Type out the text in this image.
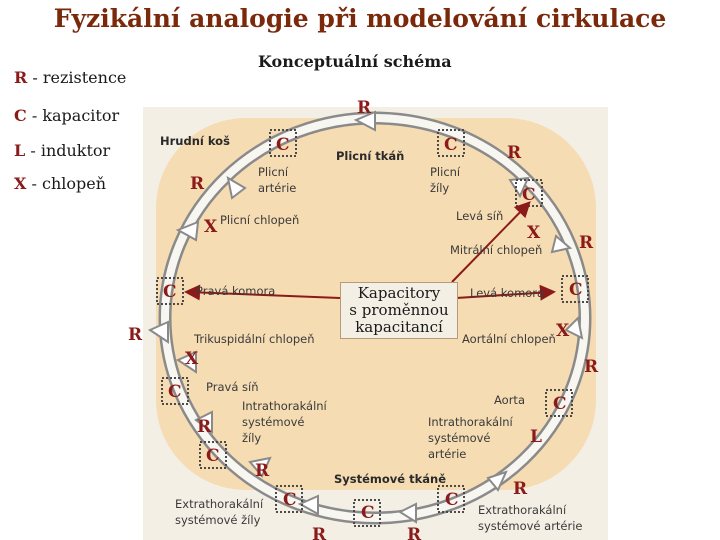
Fyzikální analogie při modelování cirkulace
Konceptuální schéma
R - rezistence
C - kapacitor
L - induktor
X - chlopeň
Hrudní koš
Plicní tkáň
Plicní
artérie
Plicní
žíly
Plicní chlopeň	Levá síň
Mitrální chlopeň
Pravá komora	Levá komora
Trikuspidální chlopeň	Aortální chlopeň
Pravá síň
Aorta
Intrathorakální
systémové
žíly
Intrathorakální
systémové
artérie
Systémové tkáně
Extrathorakální
systémové žíly
Extrathorakální
systémové artérie
R
C	C	R
R
C
X	X R
C	C
R	X
X	R
C
C
R	L
C
R
C	C
R
C
R	R
Kapacitory
s proměnnou
kapacitancí
